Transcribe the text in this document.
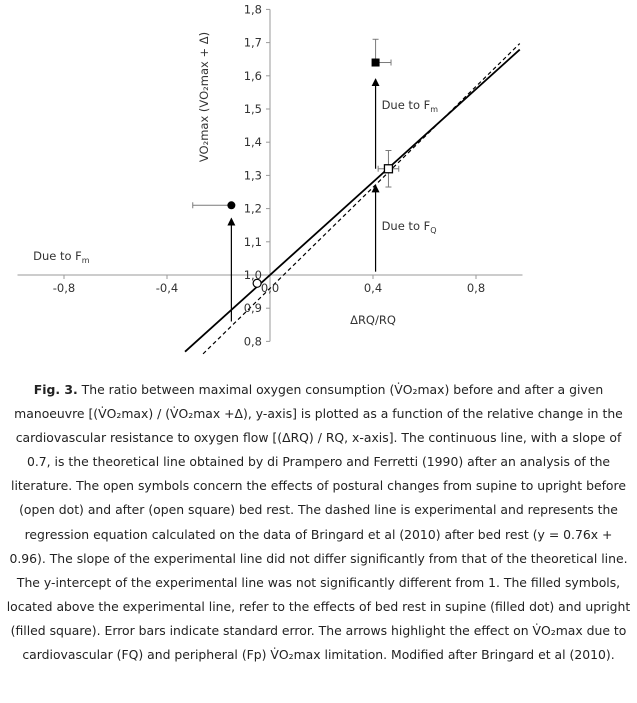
-0,8	-0,4	0,0	0,4	0,8
0,8
0,9
1,0
1,1
1,2
1,3
1,4
1,5
1,6
1,7
1,8
Due to $F_m$
Due to $F_Q$
Due to $F_m$
ΔRQ/RQ
VO₂max (VO₂max + Δ)
Fig. 3. The ratio between maximal oxygen consumption (V̇O₂max) before and after a given manoeuvre [(V̇O₂max) / (V̇O₂max +Δ), y-axis] is plotted as a function of the relative change in the cardiovascular resistance to oxygen flow [(ΔRQ) / RQ, x-axis]. The continuous line, with a slope of 0.7, is the theoretical line obtained by di Prampero and Ferretti (1990) after an analysis of the literature. The open symbols concern the effects of postural changes from supine to upright before (open dot) and after (open square) bed rest. The dashed line is experimental and represents the regression equation calculated on the data of Bringard et al (2010) after bed rest (y = 0.76x + 0.96). The slope of the experimental line did not differ significantly from that of the theoretical line. The y-intercept of the experimental line was not significantly different from 1. The filled symbols, located above the experimental line, refer to the effects of bed rest in supine (filled dot) and upright (filled square). Error bars indicate standard error. The arrows highlight the effect on V̇O₂max due to cardiovascular (FQ) and peripheral (Fp) V̇O₂max limitation. Modified after Bringard et al (2010).
